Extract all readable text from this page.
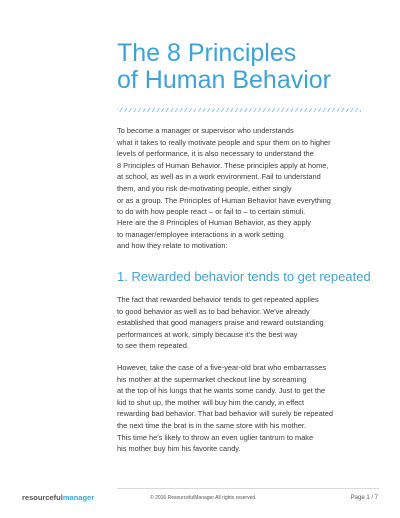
The 8 Principles
of Human Behavior

To become a manager or supervisor who understands
what it takes to really motivate people and spur them on to higher
levels of performance, it is also necessary to understand the
8 Principles of Human Behavior. These principles apply at home,
at school, as well as in a work environment. Fail to understand
them, and you risk de-motivating people, either singly
or as a group. The Principles of Human Behavior have everything
to do with how people react – or fail to – to certain stimuli.

Here are the 8 Principles of Human Behavior, as they apply
to manager/employee interactions in a work setting
and how they relate to motivation:

1. Rewarded behavior tends to get repeated

The fact that rewarded behavior tends to get repeated applies
to good behavior as well as to bad behavior. We've already
established that good managers praise and reward outstanding
performances at work, simply because it's the best way
to see them repeated.

However, take the case of a five-year-old brat who embarrasses
his mother at the supermarket checkout line by screaming
at the top of his lungs that he wants some candy. Just to get the
kid to shut up, the mother will buy him the candy, in effect
rewarding bad behavior. That bad behavior will surely be repeated
the next time the brat is in the same store with his mother.
This time he's likely to throw an even uglier tantrum to make
his mother buy him his favorite candy.

resourcefulmanager	© 2016 ResourcefulManager All rights reserved.	Page 1 / 7
